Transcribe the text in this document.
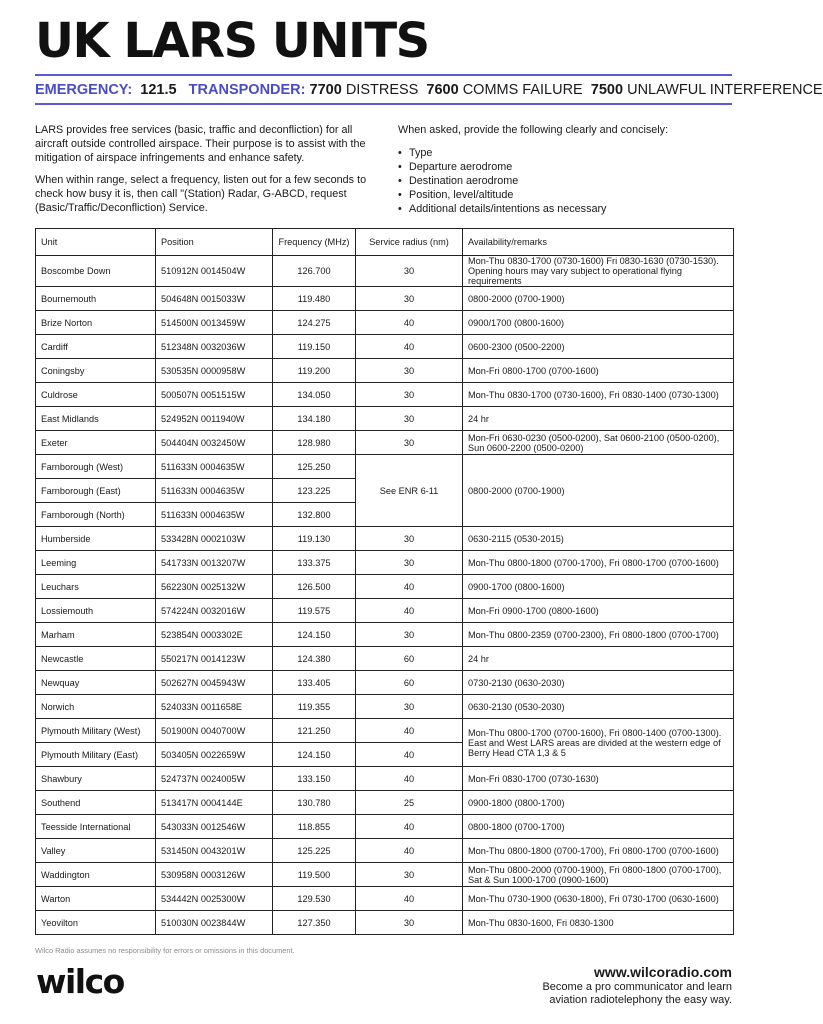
UK LARS UNITS
EMERGENCY: 121.5 TRANSPONDER: 7700 DISTRESS 7600 COMMS FAILURE 7500 UNLAWFUL INTERFERENCE

LARS provides free services (basic, traffic and deconfliction) for all aircraft outside controlled airspace. Their purpose is to assist with the mitigation of airspace infringements and enhance safety.

When within range, select a frequency, listen out for a few seconds to check how busy it is, then call "(Station) Radar, G-ABCD, request (Basic/Traffic/Deconfliction) Service.

When asked, provide the following clearly and concisely:

• Type
• Departure aerodrome
• Destination aerodrome
• Position, level/altitude
• Additional details/intentions as necessary
Unit	Position	Frequency (MHz)	Service radius (nm)	Availability/remarks
Boscombe Down	510912N 0014504W	126.700	30	Mon-Thu 0830-1700 (0730-1600) Fri 0830-1630 (0730-1530). Opening hours may vary subject to operational flying requirements
Bournemouth	504648N 0015033W	119.480	30	0800-2000 (0700-1900)
Brize Norton	514500N 0013459W	124.275	40	0900/1700 (0800-1600)
Cardiff	512348N 0032036W	119.150	40	0600-2300 (0500-2200)
Coningsby	530535N 0000958W	119.200	30	Mon-Fri 0800-1700 (0700-1600)
Culdrose	500507N 0051515W	134.050	30	Mon-Thu 0830-1700 (0730-1600), Fri 0830-1400 (0730-1300)
East Midlands	524952N 0011940W	134.180	30	24 hr
Exeter	504404N 0032450W	128.980	30	Mon-Fri 0630-0230 (0500-0200), Sat 0600-2100 (0500-0200), Sun 0600-2200 (0500-0200)
Farnborough (West)	511633N 0004635W	125.250	See ENR 6-11	0800-2000 (0700-1900)
Farnborough (East)	511633N 0004635W	123.225		
Farnborough (North)	511633N 0004635W	132.800		
Humberside	533428N 0002103W	119.130	30	0630-2115 (0530-2015)
Leeming	541733N 0013207W	133.375	30	Mon-Thu 0800-1800 (0700-1700), Fri 0800-1700 (0700-1600)
Leuchars	562230N 0025132W	126.500	40	0900-1700 (0800-1600)
Lossiemouth	574224N 0032016W	119.575	40	Mon-Fri 0900-1700 (0800-1600)
Marham	523854N 0003302E	124.150	30	Mon-Thu 0800-2359 (0700-2300), Fri 0800-1800 (0700-1700)
Newcastle	550217N 0014123W	124.380	60	24 hr
Newquay	502627N 0045943W	133.405	60	0730-2130 (0630-2030)
Norwich	524033N 0011658E	119.355	30	0630-2130 (0530-2030)
Plymouth Military (West)	501900N 0040700W	121.250	40	Mon-Thu 0800-1700 (0700-1600), Fri 0800-1400 (0700-1300). East and West LARS areas are divided at the western edge of Berry Head CTA 1,3 & 5
Plymouth Military (East)	503405N 0022659W	124.150	40	
Shawbury	524737N 0024005W	133.150	40	Mon-Fri 0830-1700 (0730-1630)
Southend	513417N 0004144E	130.780	25	0900-1800 (0800-1700)
Teesside International	543033N 0012546W	118.855	40	0800-1800 (0700-1700)
Valley	531450N 0043201W	125.225	40	Mon-Thu 0800-1800 (0700-1700), Fri 0800-1700 (0700-1600)
Waddington	530958N 0003126W	119.500	30	Mon-Thu 0800-2000 (0700-1900), Fri 0800-1800 (0700-1700), Sat & Sun 1000-1700 (0900-1600)
Warton	534442N 0025300W	129.530	40	Mon-Thu 0730-1900 (0630-1800), Fri 0730-1700 (0630-1600)
Yeovilton	510030N 0023844W	127.350	30	Mon-Thu 0830-1600, Fri 0830-1300
Wilco Radio assumes no responsibility for errors or omissions in this document.
wilco	www.wilcoradio.com
Become a pro communicator and learn
aviation radiotelephony the easy way.
